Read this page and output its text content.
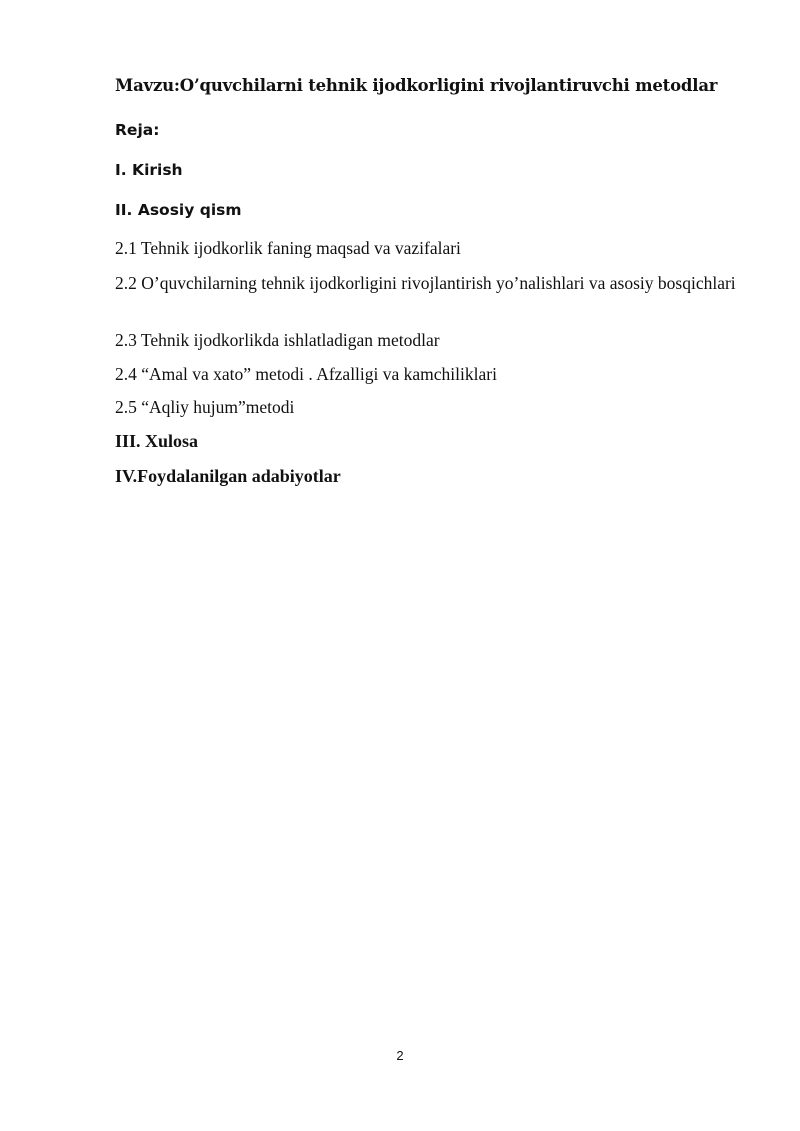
Mavzu:O’quvchilarni tehnik ijodkorligini rivojlantiruvchi metodlar

Reja:

I. Kirish

II. Asosiy qism

2.1 Tehnik ijodkorlik faning maqsad va vazifalari

2.2 O’quvchilarning tehnik ijodkorligini rivojlantirish yo’nalishlari va asosiy bosqichlari

2.3 Tehnik ijodkorlikda ishlatladigan metodlar

2.4 “Amal va xato” metodi . Afzalligi va kamchiliklari

2.5 “Aqliy hujum”metodi

III. Xulosa

IV.Foydalanilgan adabiyotlar

2
